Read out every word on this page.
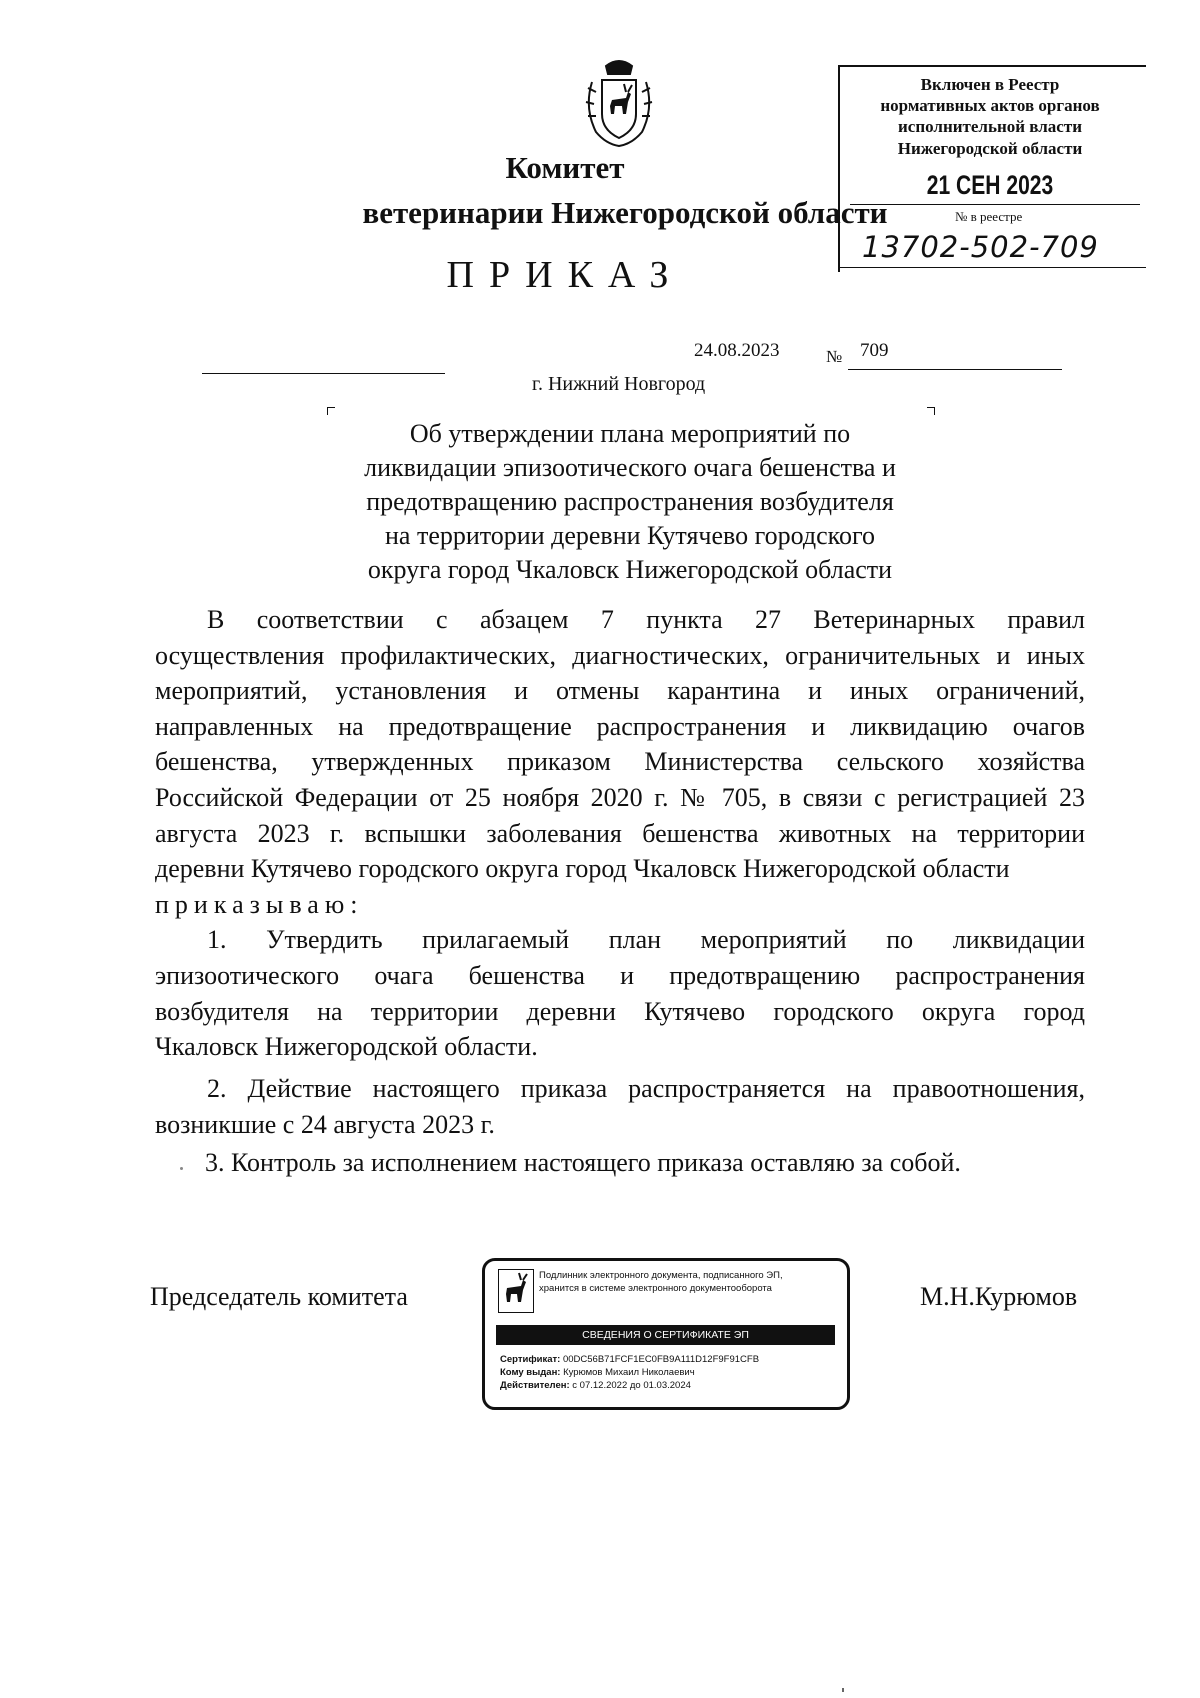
Комитет
ветеринарии Нижегородской области
ПРИКАЗ
Включен в Реестр
нормативных актов органов
исполнительной власти
Нижегородской области
21 СЕН 2023
№ в реестре
13702-502-709
24.08.2023	№ 709
г. Нижний Новгород
Об утверждении плана мероприятий по
ликвидации эпизоотического очага бешенства и
предотвращению распространения возбудителя
на территории деревни Кутячево городского
округа город Чкаловск Нижегородской области
В соответствии с абзацем 7 пункта 27 Ветеринарных правил
осуществления профилактических, диагностических, ограничительных и иных
мероприятий, установления и отмены карантина и иных ограничений,
направленных на предотвращение распространения и ликвидацию очагов
бешенства, утвержденных приказом Министерства сельского хозяйства
Российской Федерации от 25 ноября 2020 г. № 705, в связи с регистрацией 23
августа 2023 г. вспышки заболевания бешенства животных на территории
деревни Кутячево городского округа город Чкаловск Нижегородской области
приказываю:
1. Утвердить прилагаемый план мероприятий по ликвидации
эпизоотического очага бешенства и предотвращению распространения
возбудителя на территории деревни Кутячево городского округа город
Чкаловск Нижегородской области.
2. Действие настоящего приказа распространяется на правоотношения,
возникшие с 24 августа 2023 г.
3. Контроль за исполнением настоящего приказа оставляю за собой.
Председатель комитета	М.Н.Курюмов
Подлинник электронного документа, подписанного ЭП,
хранится в системе электронного документооборота
СВЕДЕНИЯ О СЕРТИФИКАТЕ ЭП
Сертификат: 00DC56B71FCF1EC0FB9A111D12F9F91CFB
Кому выдан: Курюмов Михаил Николаевич
Действителен: с 07.12.2022 до 01.03.2024
